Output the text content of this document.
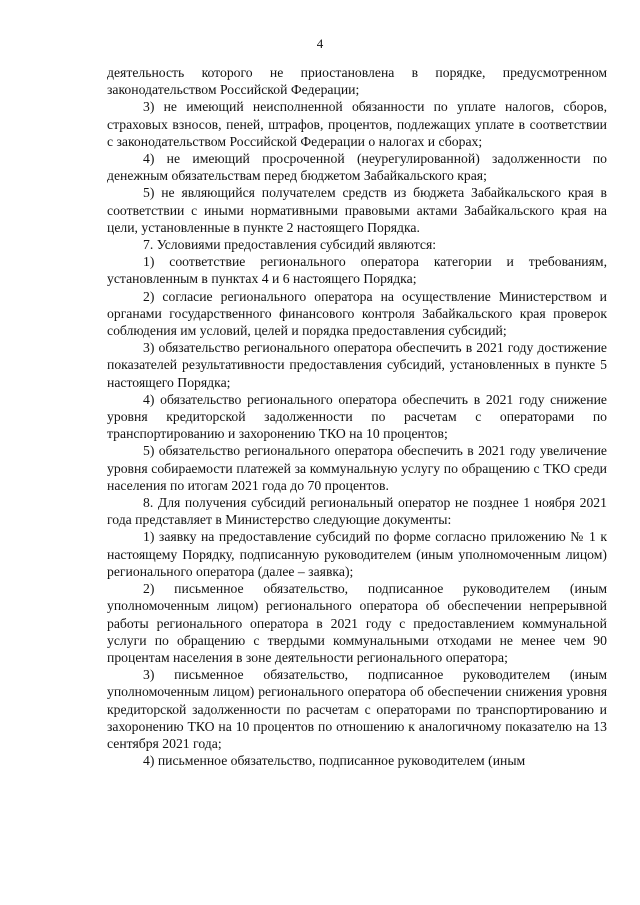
4

деятельность которого не приостановлена в порядке, предусмотренном законодательством Российской Федерации;

3) не имеющий неисполненной обязанности по уплате налогов, сборов, страховых взносов, пеней, штрафов, процентов, подлежащих уплате в соответствии с законодательством Российской Федерации о налогах и сборах;

4) не имеющий просроченной (неурегулированной) задолженности по денежным обязательствам перед бюджетом Забайкальского края;

5) не являющийся получателем средств из бюджета Забайкальского края в соответствии с иными нормативными правовыми актами Забайкальского края на цели, установленные в пункте 2 настоящего Порядка.

7. Условиями предоставления субсидий являются:

1) соответствие регионального оператора категории и требованиям, установленным в пунктах 4 и 6 настоящего Порядка;

2) согласие регионального оператора на осуществление Министерством и органами государственного финансового контроля Забайкальского края проверок соблюдения им условий, целей и порядка предоставления субсидий;

3) обязательство регионального оператора обеспечить в 2021 году достижение показателей результативности предоставления субсидий, установленных в пункте 5 настоящего Порядка;

4) обязательство регионального оператора обеспечить в 2021 году снижение уровня кредиторской задолженности по расчетам с операторами по транспортированию и захоронению ТКО на 10 процентов;

5) обязательство регионального оператора обеспечить в 2021 году увеличение уровня собираемости платежей за коммунальную услугу по обращению с ТКО среди населения по итогам 2021 года до 70 процентов.

8. Для получения субсидий региональный оператор не позднее 1 ноября 2021 года представляет в Министерство следующие документы:

1) заявку на предоставление субсидий по форме согласно приложению № 1 к настоящему Порядку, подписанную руководителем (иным уполномоченным лицом) регионального оператора (далее – заявка);

2) письменное обязательство, подписанное руководителем (иным уполномоченным лицом) регионального оператора об обеспечении непрерывной работы регионального оператора в 2021 году с предоставлением коммунальной услуги по обращению с твердыми коммунальными отходами не менее чем 90 процентам населения в зоне деятельности регионального оператора;

3) письменное обязательство, подписанное руководителем (иным уполномоченным лицом) регионального оператора об обеспечении снижения уровня кредиторской задолженности по расчетам с операторами по транспортированию и захоронению ТКО на 10 процентов по отношению к аналогичному показателю на 13 сентября 2021 года;

4) письменное обязательство, подписанное руководителем (иным
